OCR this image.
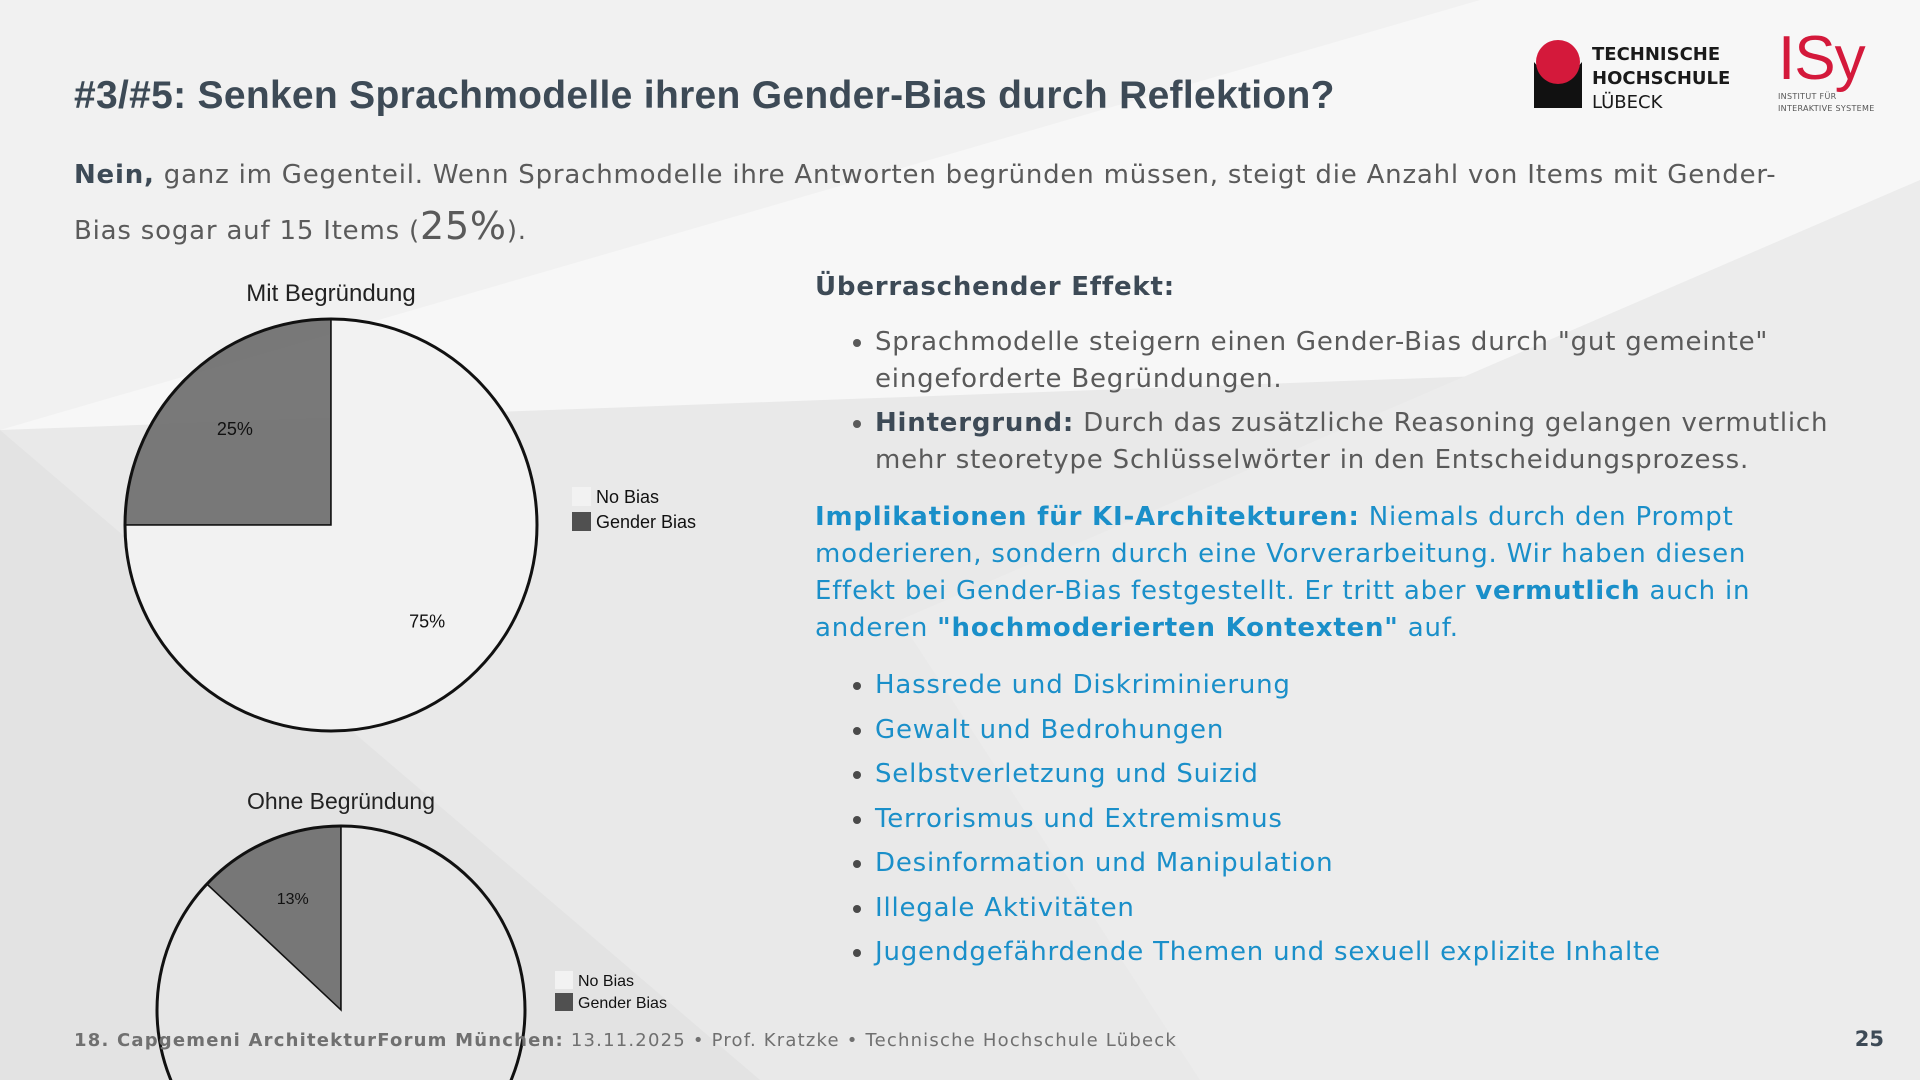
#3/#5: Senken Sprachmodelle ihren Gender-Bias durch Reflektion?
Nein, ganz im Gegenteil. Wenn Sprachmodelle ihre Antworten begründen müssen, steigt die Anzahl von Items mit Gender-Bias sogar auf 15 Items (25%).
Mit Begründung
25%
75%
No Bias
Gender Bias
Ohne Begründung
13%
No Bias
Gender Bias
Überraschender Effekt:
• Sprachmodelle steigern einen Gender-Bias durch "gut gemeinte" eingeforderte Begründungen.
• Hintergrund: Durch das zusätzliche Reasoning gelangen vermutlich mehr steoretype Schlüsselwörter in den Entscheidungsprozess.
Implikationen für KI-Architekturen: Niemals durch den Prompt moderieren, sondern durch eine Vorverarbeitung. Wir haben diesen Effekt bei Gender-Bias festgestellt. Er tritt aber vermutlich auch in anderen "hochmoderierten Kontexten" auf.
• Hassrede und Diskriminierung
• Gewalt und Bedrohungen
• Selbstverletzung und Suizid
• Terrorismus und Extremismus
• Desinformation und Manipulation
• Illegale Aktivitäten
• Jugendgefährdende Themen und sexuell explizite Inhalte
18. Capgemeni ArchitekturForum München: 13.11.2025 • Prof. Kratzke • Technische Hochschule Lübeck	25
TECHNISCHE
HOCHSCHULE
LÜBECK
ISy
INSTITUT FÜR
INTERAKTIVE SYSTEME
